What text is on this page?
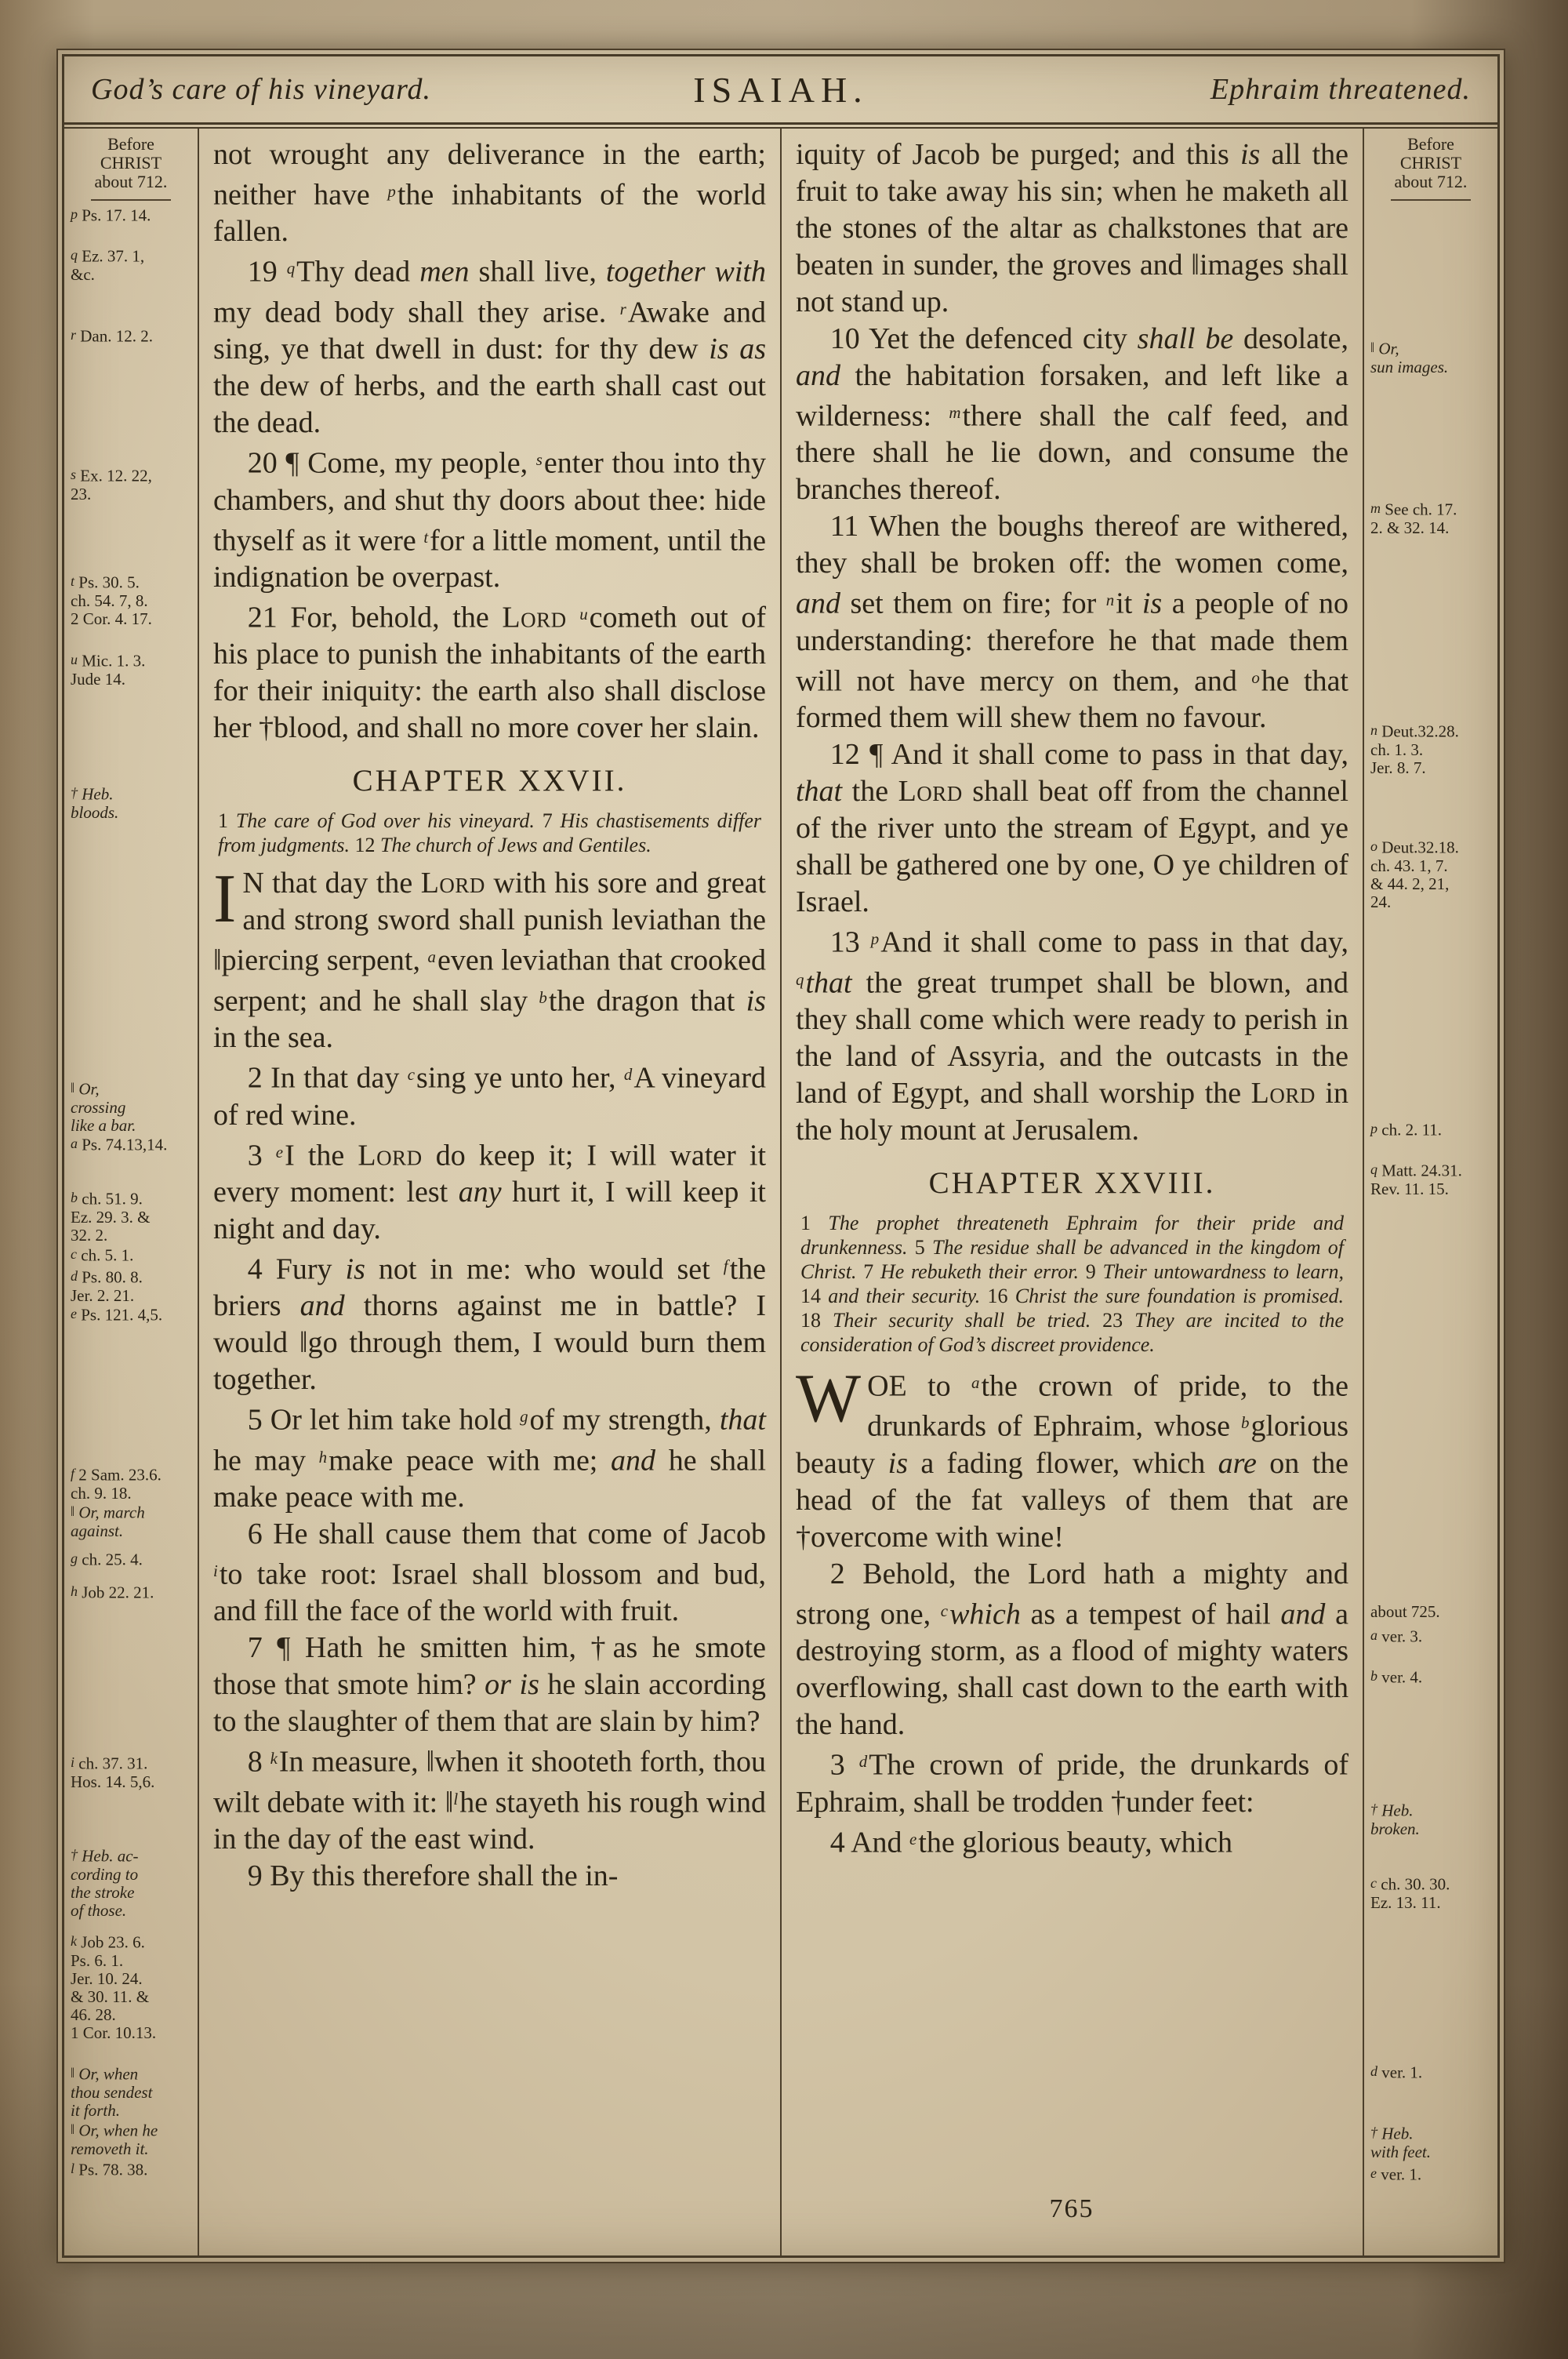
God’s care of his vineyard.	ISAIAH.	Ephraim threatened.
Before
CHRIST
about 712.
p Ps. 17. 14.
q Ez. 37. 1,
&c.
r Dan. 12. 2.
s Ex. 12. 22,
23.
t Ps. 30. 5.
ch. 54. 7, 8.
2 Cor. 4. 17.
u Mic. 1. 3.
Jude 14.
† Heb.
bloods.
‖ Or,
crossing
like a bar.
a Ps. 74.13,14.
b ch. 51. 9.
Ez. 29. 3. &
32. 2.
c ch. 5. 1.
d Ps. 80. 8.
Jer. 2. 21.
e Ps. 121. 4,5.
f 2 Sam. 23.6.
ch. 9. 18.
‖ Or, march
against.
g ch. 25. 4.
h Job 22. 21.
i ch. 37. 31.
Hos. 14. 5,6.
† Heb. ac-
cording to
the stroke
of those.
k Job 23. 6.
Ps. 6. 1.
Jer. 10. 24.
& 30. 11. &
46. 28.
1 Cor. 10.13.
‖ Or, when
thou sendest
it forth.
‖ Or, when he
removeth it.
l Ps. 78. 38.

not wrought any deliverance in the earth; neither have $^p$the inhabitants of the world fallen.

19 $^q$Thy dead men shall live, together with my dead body shall they arise. $^r$Awake and sing, ye that dwell in dust: for thy dew is as the dew of herbs, and the earth shall cast out the dead.

20 ¶ Come, my people, $^s$enter thou into thy chambers, and shut thy doors about thee: hide thyself as it were $^t$for a little moment, until the indignation be overpast.

21 For, behold, the Lord $^u$cometh out of his place to punish the inhabitants of the earth for their iniquity: the earth also shall disclose her †blood, and shall no more cover her slain.

CHAPTER XXVII.

1 The care of God over his vineyard. 7 His chastisements differ from judgments. 12 The church of Jews and Gentiles.

I N that day the Lord with his sore and great and strong sword shall punish leviathan the ‖piercing serpent, $^a$even leviathan that crooked serpent; and he shall slay $^b$the dragon that is in the sea.

2 In that day $^c$sing ye unto her, $^d$A vineyard of red wine.

3 $^e$I the Lord do keep it; I will water it every moment: lest any hurt it, I will keep it night and day.

4 Fury is not in me: who would set $^f$the briers and thorns against me in battle? I would ‖go through them, I would burn them together.

5 Or let him take hold $^g$of my strength, that he may $^h$make peace with me; and he shall make peace with me.

6 He shall cause them that come of Jacob $^i$to take root: Israel shall blossom and bud, and fill the face of the world with fruit.

7 ¶ Hath he smitten him, †as he smote those that smote him? or is he slain according to the slaughter of them that are slain by him?

8 $^k$In measure, ‖when it shooteth forth, thou wilt debate with it: ‖$^l$he stayeth his rough wind in the day of the east wind.

9 By this therefore shall the in-

iquity of Jacob be purged; and this is all the fruit to take away his sin; when he maketh all the stones of the altar as chalkstones that are beaten in sunder, the groves and ‖images shall not stand up.

10 Yet the defenced city shall be desolate, and the habitation forsaken, and left like a wilderness: $^m$there shall the calf feed, and there shall he lie down, and consume the branches thereof.

11 When the boughs thereof are withered, they shall be broken off: the women come, and set them on fire; for $^n$it is a people of no understanding: therefore he that made them will not have mercy on them, and $^o$he that formed them will shew them no favour.

12 ¶ And it shall come to pass in that day, that the Lord shall beat off from the channel of the river unto the stream of Egypt, and ye shall be gathered one by one, O ye children of Israel.

13 $^p$And it shall come to pass in that day, $^q$that the great trumpet shall be blown, and they shall come which were ready to perish in the land of Assyria, and the outcasts in the land of Egypt, and shall worship the Lord in the holy mount at Jerusalem.

CHAPTER XXVIII.

1 The prophet threateneth Ephraim for their pride and drunkenness. 5 The residue shall be advanced in the kingdom of Christ. 7 He rebuketh their error. 9 Their untowardness to learn, 14 and their security. 16 Christ the sure foundation is promised. 18 Their security shall be tried. 23 They are incited to the consideration of God’s discreet providence.

WOE to $^a$the crown of pride, to the drunkards of Ephraim, whose $^b$glorious beauty is a fading flower, which are on the head of the fat valleys of them that are †overcome with wine!

2 Behold, the Lord hath a mighty and strong one, $^c$which as a tempest of hail and a destroying storm, as a flood of mighty waters overflowing, shall cast down to the earth with the hand.

3 $^d$The crown of pride, the drunkards of Ephraim, shall be trodden †under feet:

4 And $^e$the glorious beauty, which

Before
CHRIST
about 712.
‖ Or,
sun images.
m See ch. 17.
2. & 32. 14.
n Deut.32.28.
ch. 1. 3.
Jer. 8. 7.
o Deut.32.18.
ch. 43. 1, 7.
& 44. 2, 21,
24.
p ch. 2. 11.
q Matt. 24.31.
Rev. 11. 15.
about 725.
a ver. 3.
b ver. 4.
† Heb.
broken.
c ch. 30. 30.
Ez. 13. 11.
d ver. 1.
† Heb.
with feet.
e ver. 1.
765
